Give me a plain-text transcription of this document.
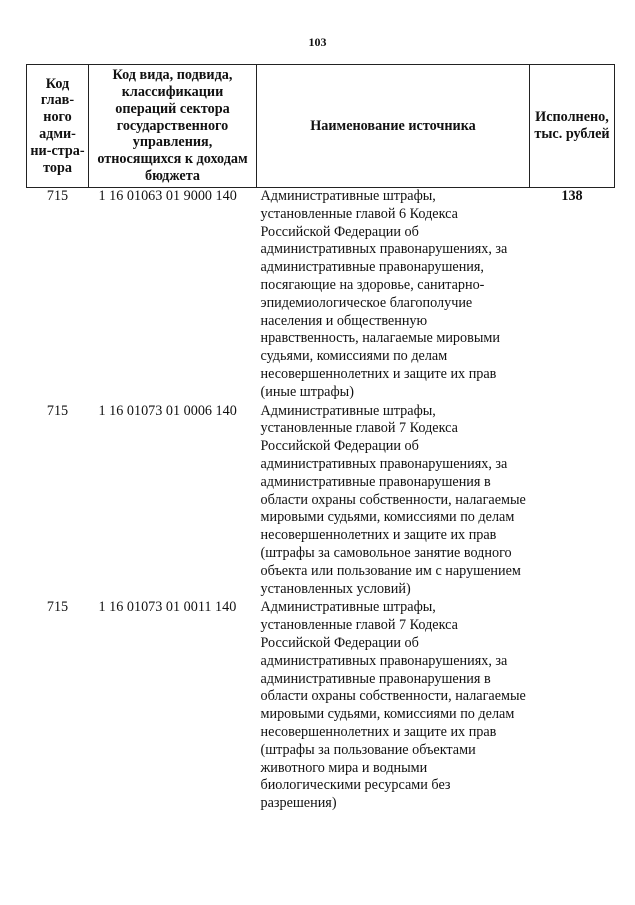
103
Код глав-ного адми-ни-стра-тора	Код вида, подвида, классификации операций сектора государственного управления, относящихся к доходам бюджета	Наименование источника	Исполнено, тыс. рублей
715	1 16 01063 01 9000 140	Административные штрафы, установленные главой 6 Кодекса Российской Федерации об административных правонарушениях, за административные правонарушения, посягающие на здоровье, санитарно-эпидемиологическое благополучие населения и общественную нравственность, налагаемые мировыми судьями, комиссиями по делам несовершеннолетних и защите их прав (иные штрафы)	138
715	1 16 01073 01 0006 140	Административные штрафы, установленные главой 7 Кодекса Российской Федерации об административных правонарушениях, за административные правонарушения в области охраны собственности, налагаемые мировыми судьями, комиссиями по делам несовершеннолетних и защите их прав (штрафы за самовольное занятие водного объекта или пользование им с нарушением установленных условий)	
715	1 16 01073 01 0011 140	Административные штрафы, установленные главой 7 Кодекса Российской Федерации об административных правонарушениях, за административные правонарушения в области охраны собственности, налагаемые мировыми судьями, комиссиями по делам несовершеннолетних и защите их прав (штрафы за пользование объектами животного мира и водными биологическими ресурсами без разрешения)	
